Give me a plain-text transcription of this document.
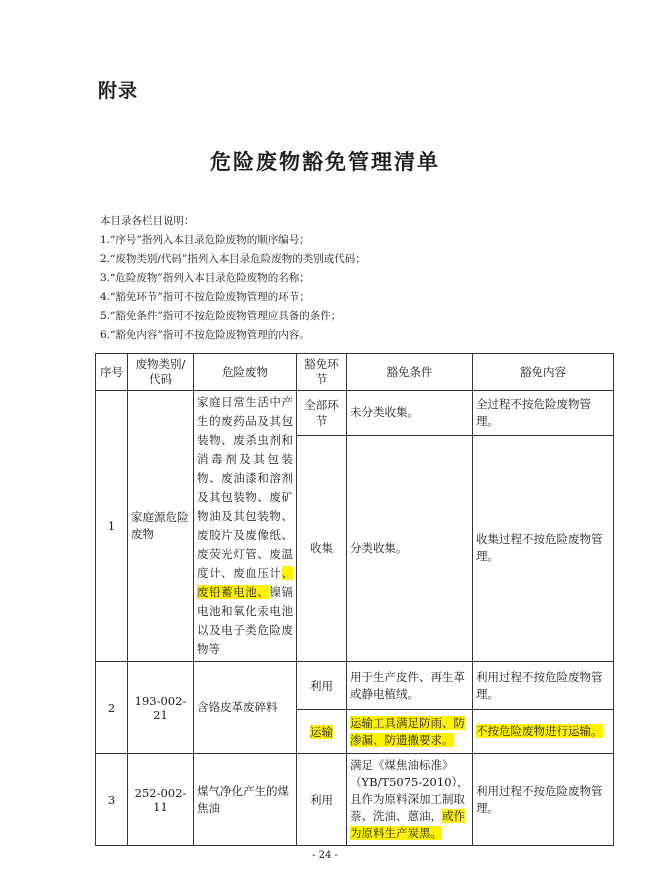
附录
危险废物豁免管理清单
本目录各栏目说明：
1.“序号”指列入本目录危险废物的顺序编号；
2.“废物类别/代码”指列入本目录危险废物的类别或代码；
3.“危险废物”指列入本目录危险废物的名称；
4.“豁免环节”指可不按危险废物管理的环节；
5.“豁免条件”指可不按危险废物管理应具备的条件；
6.“豁免内容”指可不按危险废物管理的内容。
序号	废物类别/代码	危险废物	豁免环节	豁免条件	豁免内容
1	家庭源危险废物	家庭日常生活中产生的废药品及其包装物、废杀虫剂和消毒剂及其包装物、废油漆和溶剂及其包装物、废矿物油及其包装物、废胶片及废像纸、废荧光灯管、废温度计、废血压计、废铅蓄电池、镍镉电池和氧化汞电池以及电子类危险废物等	全部环节	未分类收集。	全过程不按危险废物管理。
			收集	分类收集。	收集过程不按危险废物管理。
2	193-002-21	含铬皮革废碎料	利用	用于生产皮件、再生革或静电植绒。	利用过程不按危险废物管理。
			运输	运输工具满足防雨、防渗漏、防遗撒要求。	不按危险废物进行运输。
3	252-002-11	煤气净化产生的煤焦油	利用	满足《煤焦油标准》（YB/T5075-2010），且作为原料深加工制取萘、洗油、蒽油，或作为原料生产炭黑。	利用过程不按危险废物管理。
- 24 -
